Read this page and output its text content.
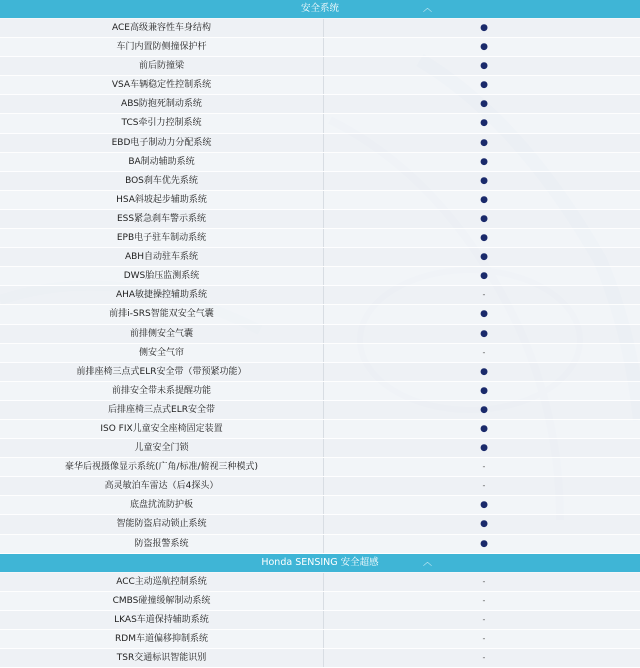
安全系统	︿
ACE高级兼容性车身结构	●
车门内置防侧撞保护杆	●
前后防撞梁	●
VSA车辆稳定性控制系统	●
ABS防抱死制动系统	●
TCS牵引力控制系统	●
EBD电子制动力分配系统	●
BA制动辅助系统	●
BOS刹车优先系统	●
HSA斜坡起步辅助系统	●
ESS紧急刹车警示系统	●
EPB电子驻车制动系统	●
ABH自动驻车系统	●
DWS胎压监测系统	●
AHA敏捷操控辅助系统	-
前排i-SRS智能双安全气囊	●
前排侧安全气囊	●
侧安全气帘	-
前排座椅三点式ELR安全带（带预紧功能）	●
前排安全带未系提醒功能	●
后排座椅三点式ELR安全带	●
ISO FIX儿童安全座椅固定装置	●
儿童安全门锁	●
豪华后视摄像显示系统(广角/标准/俯视三种模式)	-
高灵敏泊车雷达（后4探头）	-
底盘扰流防护板	●
智能防盗启动锁止系统	●
防盗报警系统	●
Honda SENSING 安全超感	︿
ACC主动巡航控制系统	-
CMBS碰撞缓解制动系统	-
LKAS车道保持辅助系统	-
RDM车道偏移抑制系统	-
TSR交通标识智能识别	-
